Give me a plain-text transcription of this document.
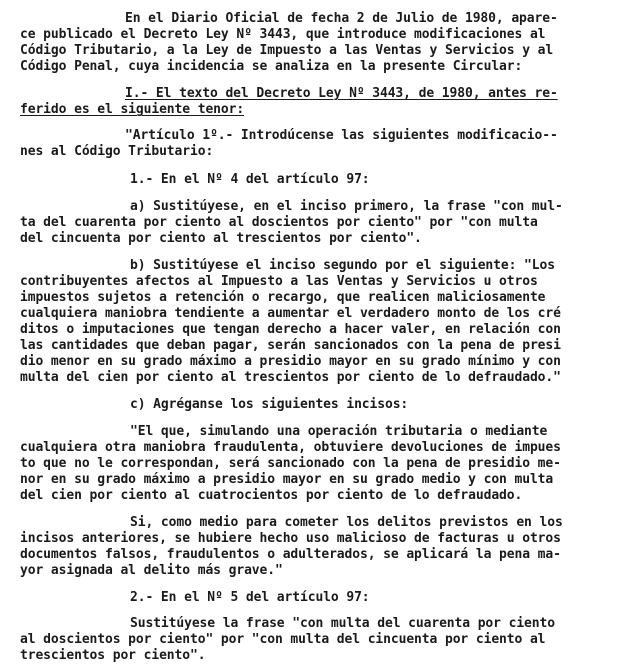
En el Diario Oficial de fecha 2 de Julio de 1980, apare-
ce publicado el Decreto Ley Nº 3443, que introduce modificaciones al
Código Tributario, a la Ley de Impuesto a las Ventas y Servicios y al
Código Penal, cuya incidencia se analiza en la presente Circular:
I.- El texto del Decreto Ley Nº 3443, de 1980, antes re-
ferido es el siguiente tenor:
"Artículo 1º.- Introdúcense las siguientes modificacio--
nes al Código Tributario:
1.- En el Nº 4 del artículo 97:
a) Sustitúyese, en el inciso primero, la frase "con mul-
ta del cuarenta por ciento al doscientos por ciento" por "con multa
del cincuenta por ciento al trescientos por ciento".
b) Sustitúyese el inciso segundo por el siguiente: "Los
contribuyentes afectos al Impuesto a las Ventas y Servicios u otros
impuestos sujetos a retención o recargo, que realicen maliciosamente
cualquiera maniobra tendiente a aumentar el verdadero monto de los cré
ditos o imputaciones que tengan derecho a hacer valer, en relación con
las cantidades que deban pagar, serán sancionados con la pena de presi
dio menor en su grado máximo a presidio mayor en su grado mínimo y con
multa del cien por ciento al trescientos por ciento de lo defraudado."
c) Agréganse los siguientes incisos:
"El que, simulando una operación tributaria o mediante
cualquiera otra maniobra fraudulenta, obtuviere devoluciones de impues
to que no le correspondan, será sancionado con la pena de presidio me-
nor en su grado máximo a presidio mayor en su grado medio y con multa
del cien por ciento al cuatrocientos por ciento de lo defraudado.
Si, como medio para cometer los delitos previstos en los
incisos anteriores, se hubiere hecho uso malicioso de facturas u otros
documentos falsos, fraudulentos o adulterados, se aplicará la pena ma-
yor asignada al delito más grave."
2.- En el Nº 5 del artículo 97:
Sustitúyese la frase "con multa del cuarenta por ciento
al doscientos por ciento" por "con multa del cincuenta por ciento al
trescientos por ciento".
